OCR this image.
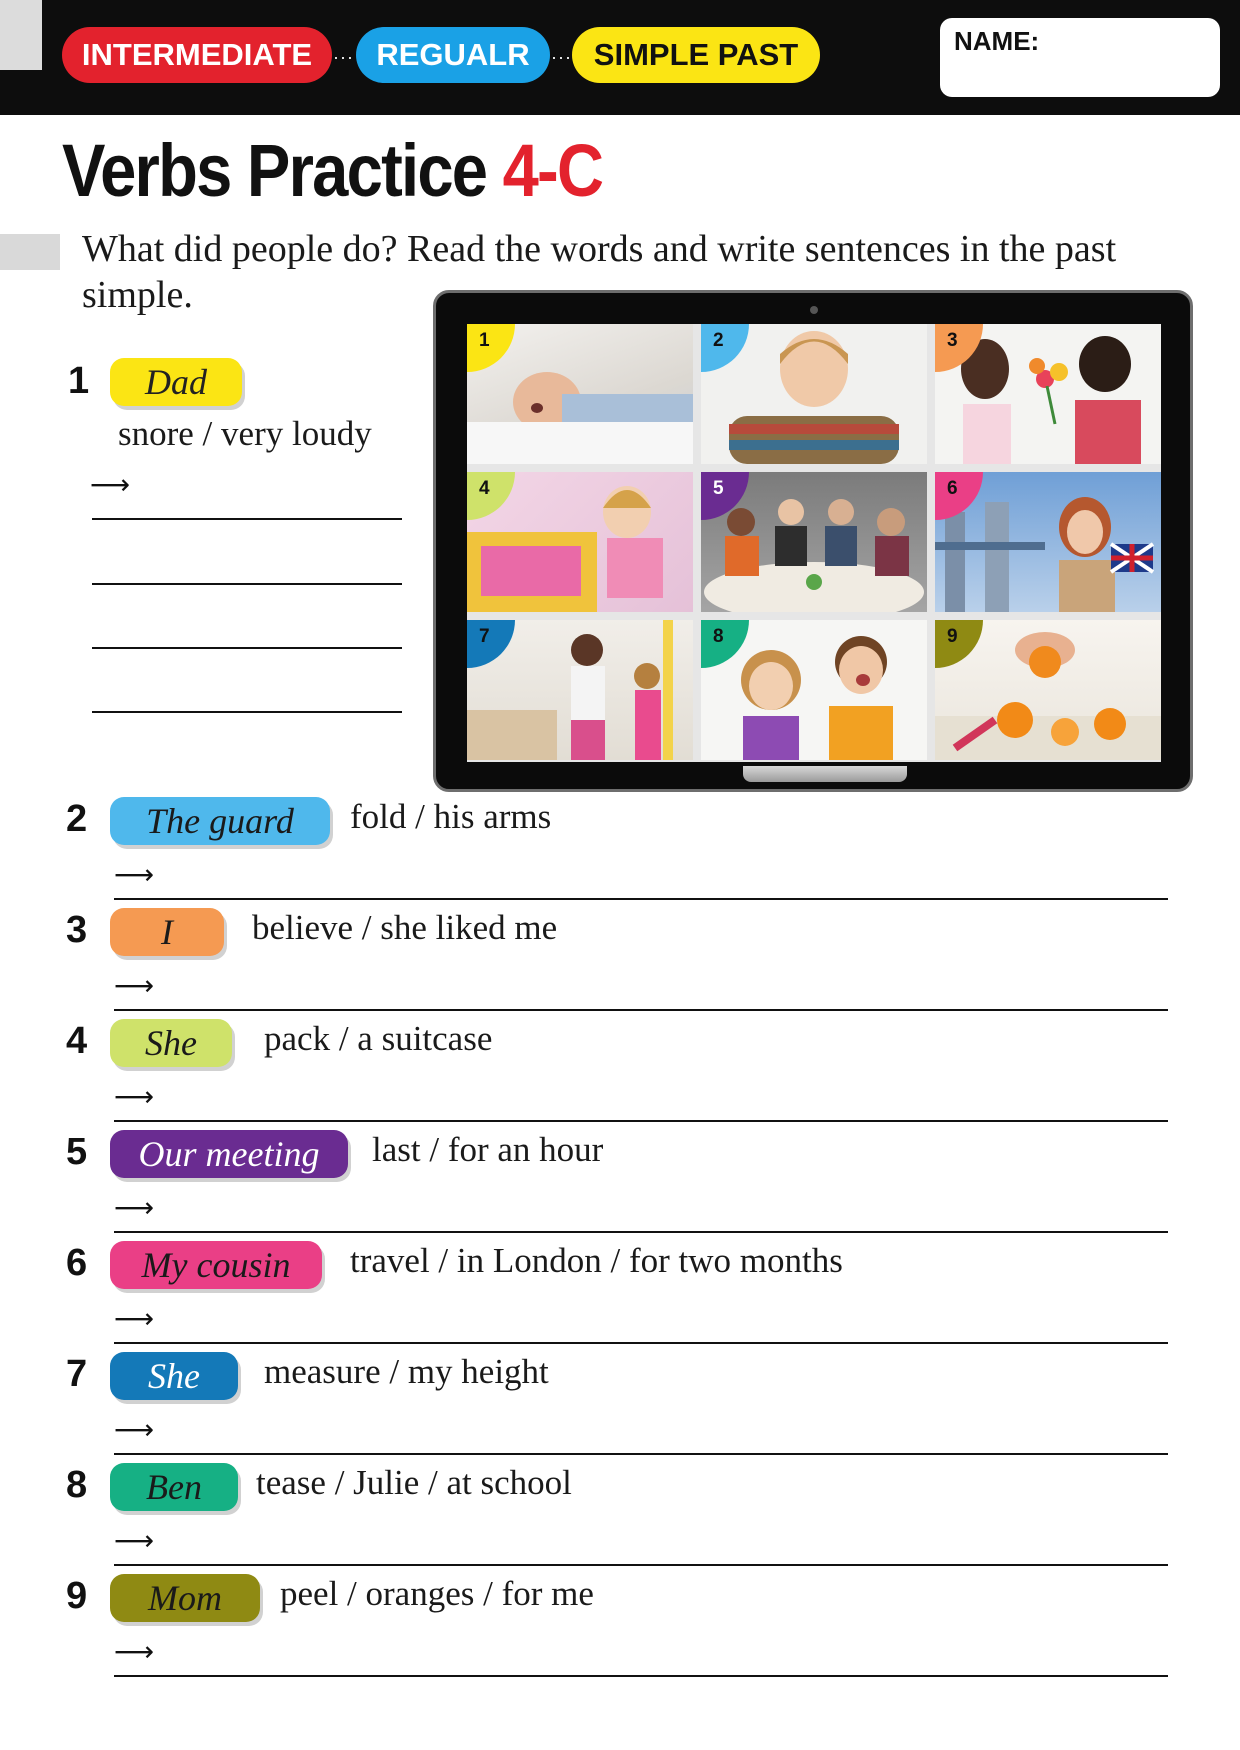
INTERMEDIATE	··· REGUALR	··· SIMPLE PAST	NAME:
Verbs Practice 4-C
What did people do? Read the words and write sentences in the past simple.
1	2	3
4	5	6
7	8	9
1	Dad
snore / very loudy
⟶
2	The guard	fold / his arms
⟶
3	I	believe / she liked me
⟶
4	She	pack / a suitcase
⟶
5	Our meeting	last / for an hour
⟶
6	My cousin	travel / in London / for two months
⟶
7	She	measure / my height
⟶
8	Ben	tease / Julie / at school
⟶
9	Mom	peel / oranges / for me
⟶
